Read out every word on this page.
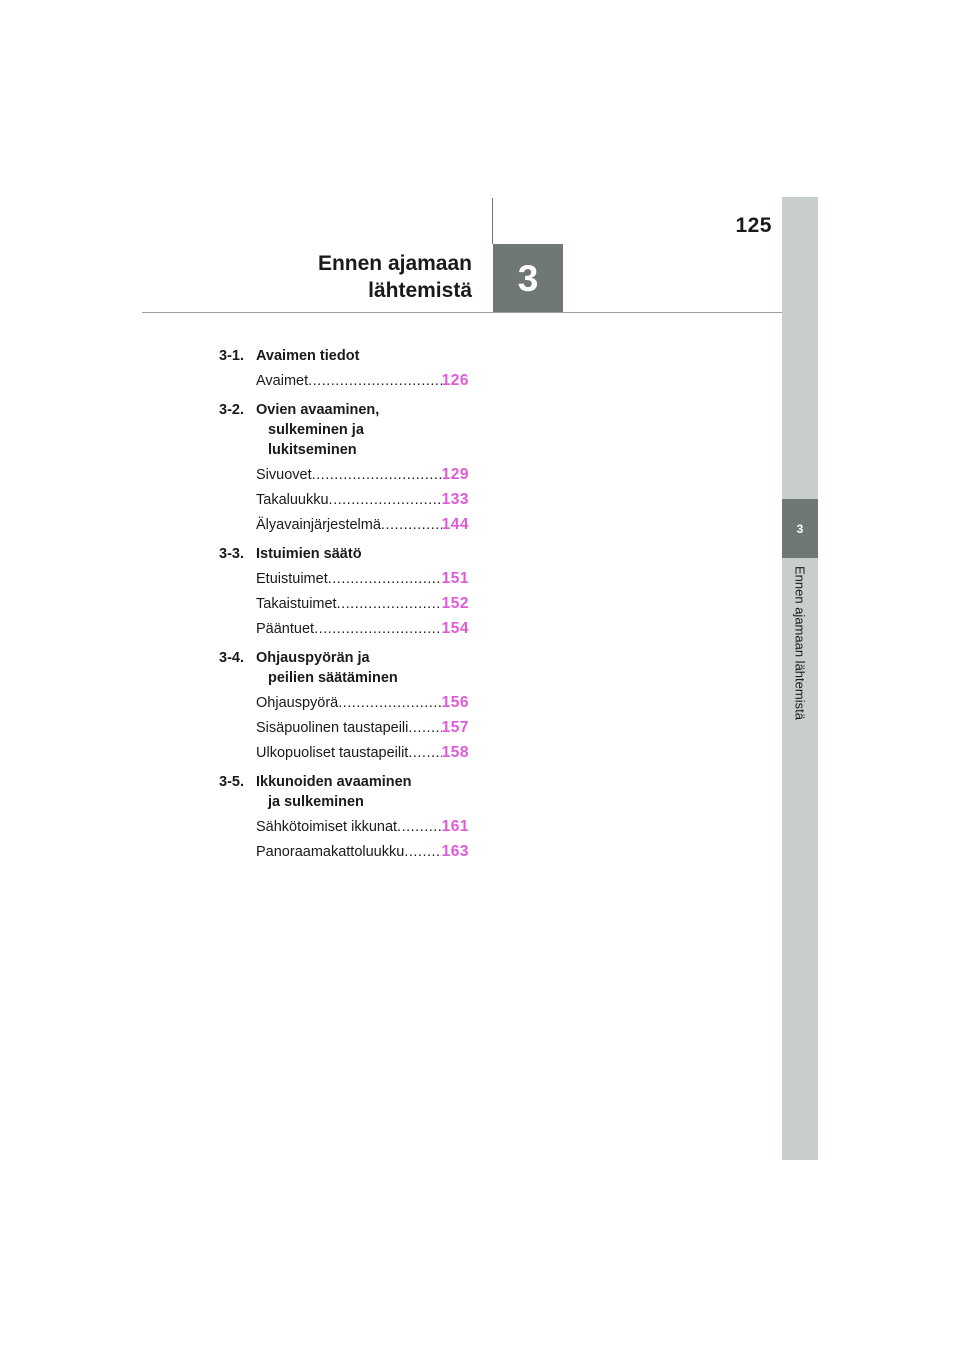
125
Ennen ajamaan
lähtemistä	3
3
Ennen ajamaan lähtemistä
3-1. Avaimen tiedot
Avaimet .....	126
3-2. Ovien avaaminen,
sulkeminen ja
lukitseminen
Sivuovet .....	129
Takaluukku .....	133
Älyavainjärjestelmä .....	144
3-3. Istuimien säätö
Etuistuimet .....	151
Takaistuimet .....	152
Pääntuet .....	154
3-4. Ohjauspyörän ja
peilien säätäminen
Ohjauspyörä .....	156
Sisäpuolinen taustapeili ..... 157
Ulkopuoliset taustapeilit ..... 158
3-5. Ikkunoiden avaaminen
ja sulkeminen
Sähkötoimiset ikkunat .....	161
Panoraamakattoluukku ..... 163
